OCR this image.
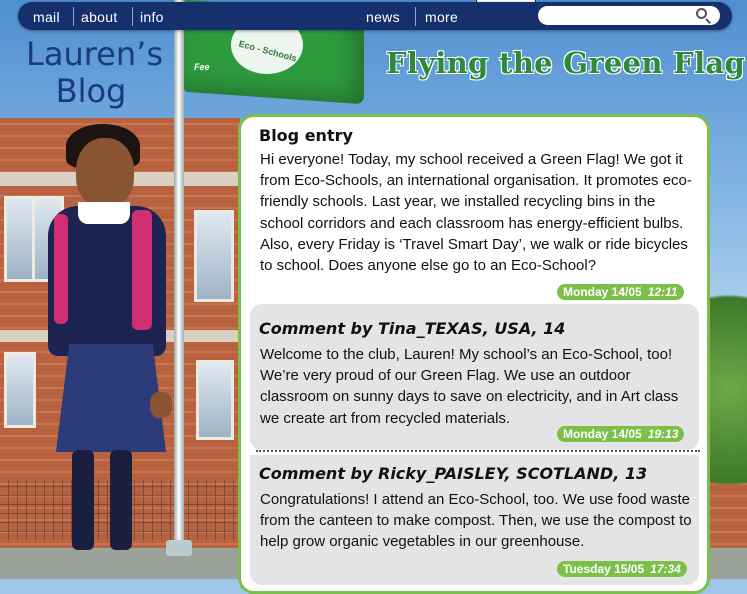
Eco - Schools
Fee
mail about info	news more
Lauren’s
Blog
Flying the Green Flag
Blog entry
Hi everyone! Today, my school received a Green Flag! We got it from Eco-Schools, an international organisation. It promotes eco-friendly schools. Last year, we installed recycling bins in the school corridors and each classroom has energy-efficient bulbs. Also, every Friday is ‘Travel Smart Day’, we walk or ride bicycles to school. Does anyone else go to an Eco-School?
Monday 14/05 12:11
Comment by Tina_TEXAS, USA, 14
Welcome to the club, Lauren! My school’s an Eco-School, too! We’re very proud of our Green Flag. We use an outdoor classroom on sunny days to save on electricity, and in Art class we create art from recycled materials.
Monday 14/05 19:13
Comment by Ricky_PAISLEY, SCOTLAND, 13
Congratulations! I attend an Eco-School, too. We use food waste from the canteen to make compost. Then, we use the compost to help grow organic vegetables in our greenhouse.
Tuesday 15/05 17:34
